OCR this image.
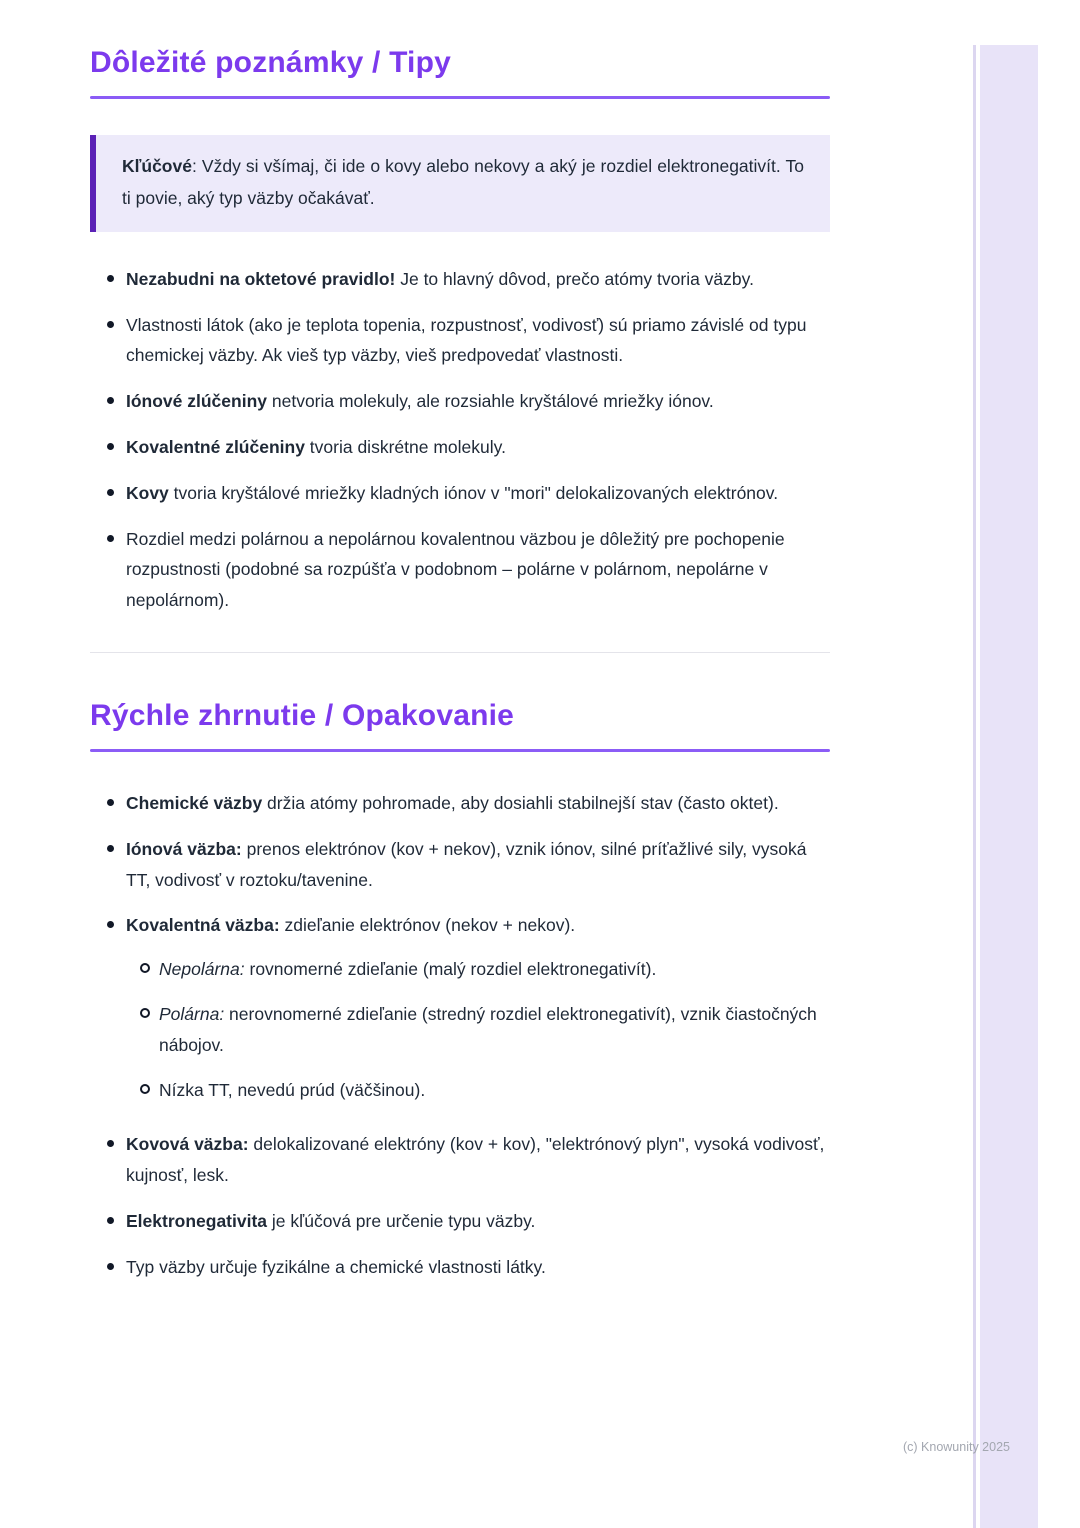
Dôležité poznámky / Tipy
Kľúčové: Vždy si všímaj, či ide o kovy alebo nekovy a aký je rozdiel elektronegativít. To ti povie, aký typ väzby očakávať.
Nezabudni na oktetové pravidlo! Je to hlavný dôvod, prečo atómy tvoria väzby.
Vlastnosti látok (ako je teplota topenia, rozpustnosť, vodivosť) sú priamo závislé od typu chemickej väzby. Ak vieš typ väzby, vieš predpovedať vlastnosti.
Iónové zlúčeniny netvoria molekuly, ale rozsiahle kryštálové mriežky iónov.
Kovalentné zlúčeniny tvoria diskrétne molekuly.
Kovy tvoria kryštálové mriežky kladných iónov v "mori" delokalizovaných elektrónov.
Rozdiel medzi polárnou a nepolárnou kovalentnou väzbou je dôležitý pre pochopenie rozpustnosti (podobné sa rozpúšťa v podobnom – polárne v polárnom, nepolárne v nepolárnom).
Rýchle zhrnutie / Opakovanie
Chemické väzby držia atómy pohromade, aby dosiahli stabilnejší stav (často oktet).
Iónová väzba: prenos elektrónov (kov + nekov), vznik iónov, silné príťažlivé sily, vysoká TT, vodivosť v roztoku/tavenine.
Kovalentná väzba: zdieľanie elektrónov (nekov + nekov).
Nepolárna: rovnomerné zdieľanie (malý rozdiel elektronegativít).
Polárna: nerovnomerné zdieľanie (stredný rozdiel elektronegativít), vznik čiastočných nábojov.
Nízka TT, nevedú prúd (väčšinou).
Kovová väzba: delokalizované elektróny (kov + kov), "elektrónový plyn", vysoká vodivosť, kujnosť, lesk.
Elektronegativita je kľúčová pre určenie typu väzby.
Typ väzby určuje fyzikálne a chemické vlastnosti látky.
(c) Knowunity 2025
